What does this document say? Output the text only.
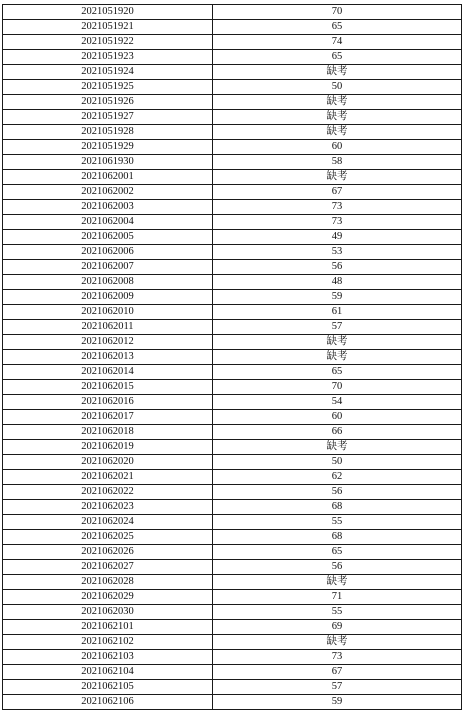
2021051920	70
2021051921	65
2021051922	74
2021051923	65
2021051924	缺考
2021051925	50
2021051926	缺考
2021051927	缺考
2021051928	缺考
2021051929	60
2021061930	58
2021062001	缺考
2021062002	67
2021062003	73
2021062004	73
2021062005	49
2021062006	53
2021062007	56
2021062008	48
2021062009	59
2021062010	61
2021062011	57
2021062012	缺考
2021062013	缺考
2021062014	65
2021062015	70
2021062016	54
2021062017	60
2021062018	66
2021062019	缺考
2021062020	50
2021062021	62
2021062022	56
2021062023	68
2021062024	55
2021062025	68
2021062026	65
2021062027	56
2021062028	缺考
2021062029	71
2021062030	55
2021062101	69
2021062102	缺考
2021062103	73
2021062104	67
2021062105	57
2021062106	59
